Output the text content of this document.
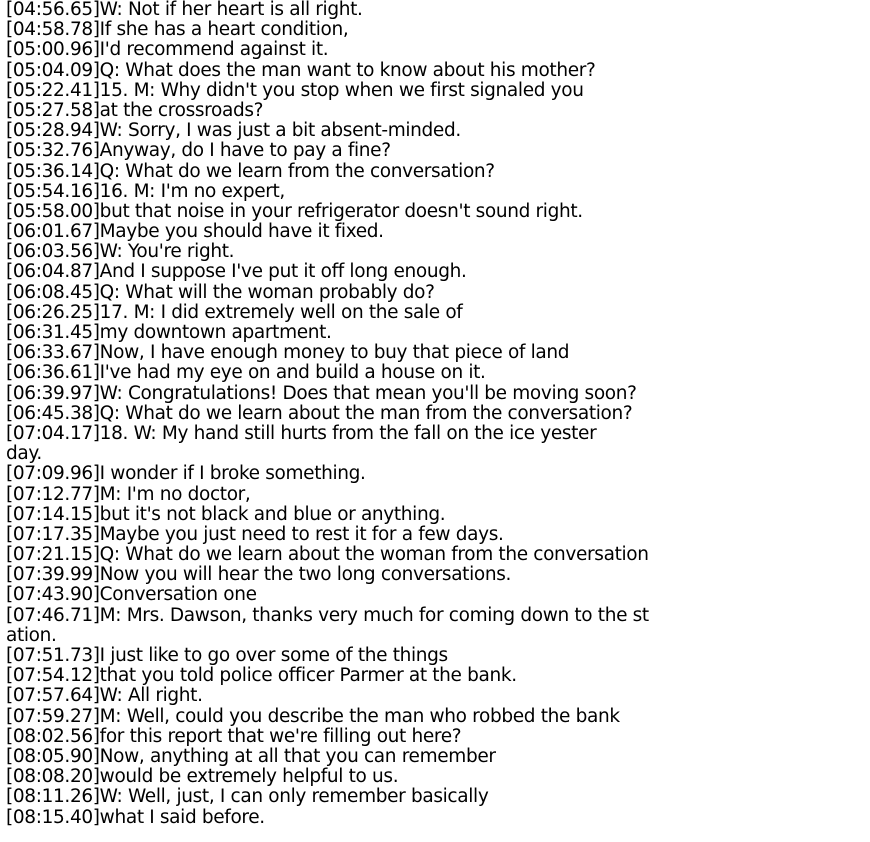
[04:56.65]W: Not if her heart is all right.
[04:58.78]If she has a heart condition,
[05:00.96]I'd recommend against it.
[05:04.09]Q: What does the man want to know about his mother?
[05:22.41]15. M: Why didn't you stop when we first signaled you
[05:27.58]at the crossroads?
[05:28.94]W: Sorry, I was just a bit absent-minded.
[05:32.76]Anyway, do I have to pay a fine?
[05:36.14]Q: What do we learn from the conversation?
[05:54.16]16. M: I'm no expert,
[05:58.00]but that noise in your refrigerator doesn't sound right.
[06:01.67]Maybe you should have it fixed.
[06:03.56]W: You're right.
[06:04.87]And I suppose I've put it off long enough.
[06:08.45]Q: What will the woman probably do?
[06:26.25]17. M: I did extremely well on the sale of
[06:31.45]my downtown apartment.
[06:33.67]Now, I have enough money to buy that piece of land
[06:36.61]I've had my eye on and build a house on it.
[06:39.97]W: Congratulations! Does that mean you'll be moving soon?
[06:45.38]Q: What do we learn about the man from the conversation?
[07:04.17]18. W: My hand still hurts from the fall on the ice yester
day.
[07:09.96]I wonder if I broke something.
[07:12.77]M: I'm no doctor,
[07:14.15]but it's not black and blue or anything.
[07:17.35]Maybe you just need to rest it for a few days.
[07:21.15]Q: What do we learn about the woman from the conversation
[07:39.99]Now you will hear the two long conversations.
[07:43.90]Conversation one
[07:46.71]M: Mrs. Dawson, thanks very much for coming down to the st
ation.
[07:51.73]I just like to go over some of the things
[07:54.12]that you told police officer Parmer at the bank.
[07:57.64]W: All right.
[07:59.27]M: Well, could you describe the man who robbed the bank
[08:02.56]for this report that we're filling out here?
[08:05.90]Now, anything at all that you can remember
[08:08.20]would be extremely helpful to us.
[08:11.26]W: Well, just, I can only remember basically
[08:15.40]what I said before.
